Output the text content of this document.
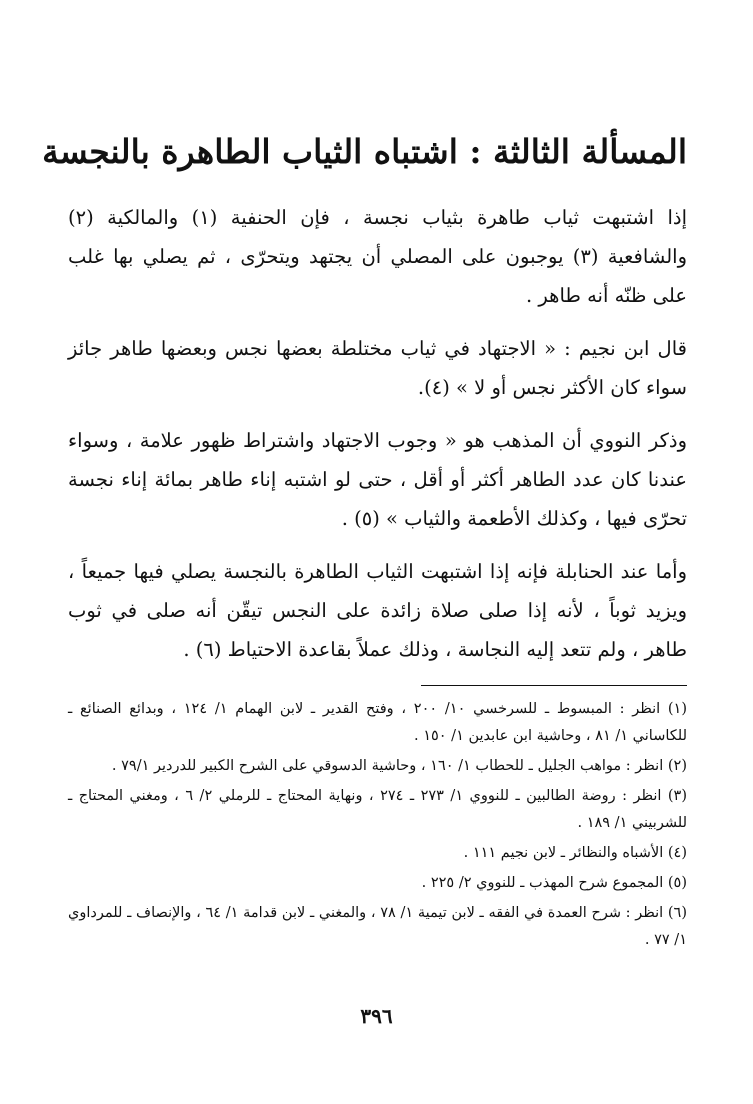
المسألة الثالثة : اشتباه الثياب الطاهرة بالنجسة

إذا اشتبهت ثياب طاهرة بثياب نجسة ، فإن الحنفية (١) والمالكية (٢) والشافعية (٣) يوجبون على المصلي أن يجتهد ويتحرّى ، ثم يصلي بها غلب على ظنّه أنه طاهر .

قال ابن نجيم : « الاجتهاد في ثياب مختلطة بعضها نجس وبعضها طاهر جائز سواء كان الأكثر نجس أو لا » (٤).

وذكر النووي أن المذهب هو « وجوب الاجتهاد واشتراط ظهور علامة ، وسواء عندنا كان عدد الطاهر أكثر أو أقل ، حتى لو اشتبه إناء طاهر بمائة إناء نجسة تحرّى فيها ، وكذلك الأطعمة والثياب » (٥) .

وأما عند الحنابلة فإنه إذا اشتبهت الثياب الطاهرة بالنجسة يصلي فيها جميعاً ، ويزيد ثوباً ، لأنه إذا صلى صلاة زائدة على النجس تيقّن أنه صلى في ثوب طاهر ، ولم تتعد إليه النجاسة ، وذلك عملاً بقاعدة الاحتياط (٦) .

(١) انظر : المبسوط ـ للسرخسي ١٠/ ٢٠٠ ، وفتح القدير ـ لابن الهمام ١/ ١٢٤ ، وبدائع الصنائع ـ للكاساني ١/ ٨١ ، وحاشية ابن عابدين ١/ ١٥٠ .

(٢) انظر : مواهب الجليل ـ للحطاب ١/ ١٦٠ ، وحاشية الدسوقي على الشرح الكبير للدردير ٧٩/١ .

(٣) انظر : روضة الطالبين ـ للنووي ١/ ٢٧٣ ـ ٢٧٤ ، ونهاية المحتاج ـ للرملي ٢/ ٦ ، ومغني المحتاج ـ للشربيني ١/ ١٨٩ .

(٤) الأشباه والنظائر ـ لابن نجيم ١١١ .

(٥) المجموع شرح المهذب ـ للنووي ٢/ ٢٢٥ .

(٦) انظر : شرح العمدة في الفقه ـ لابن تيمية ١/ ٧٨ ، والمغني ـ لابن قدامة ١/ ٦٤ ، والإنصاف ـ للمرداوي ١/ ٧٧ .

٣٩٦
